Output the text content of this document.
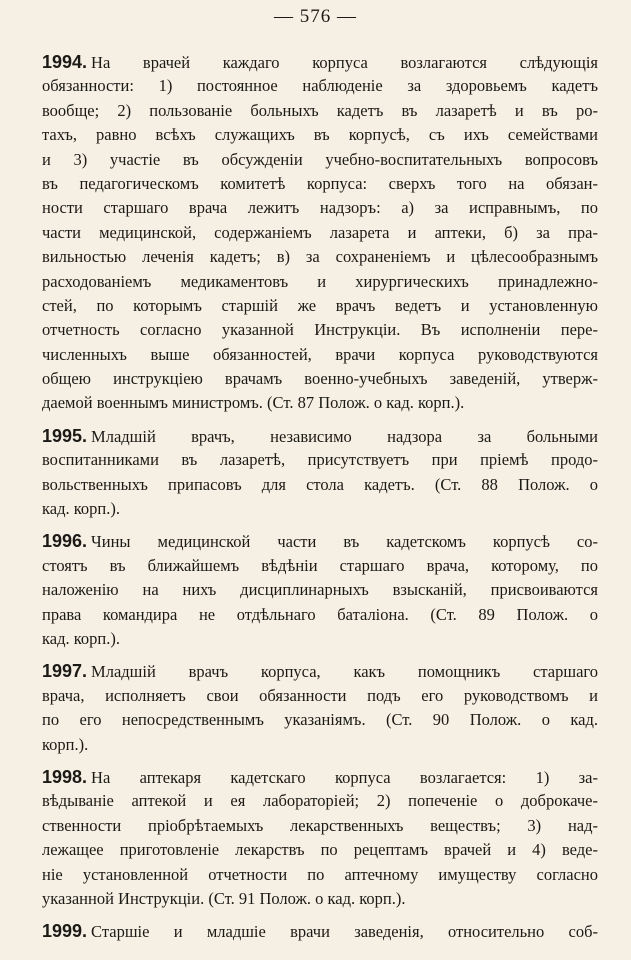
— 576 —
1994. На врачей каждаго корпуса возлагаются слѣдующія
обязанности: 1) постоянное наблюденіе за здоровьемъ кадетъ
вообще; 2) пользованіе больныхъ кадетъ въ лазаретѣ и въ ро-
тахъ, равно всѣхъ служащихъ въ корпусѣ, съ ихъ семействами
и 3) участіе въ обсужденіи учебно-воспитательныхъ вопросовъ
въ педагогическомъ комитетѣ корпуса: сверхъ того на обязан-
ности старшаго врача лежитъ надзоръ: а) за исправнымъ, по
части медицинской, содержаніемъ лазарета и аптеки, б) за пра-
вильностью леченія кадетъ; в) за сохраненіемъ и цѣлесообразнымъ
расходованіемъ медикаментовъ и хирургическихъ принадлежно-
стей, по которымъ старшій же врачъ ведетъ и установленную
отчетность согласно указанной Инструкціи. Въ исполненіи пере-
численныхъ выше обязанностей, врачи корпуса руководствуются
общею инструкціею врачамъ военно-учебныхъ заведеній, утверж-
даемой военнымъ министромъ. (Ст. 87 Полож. о кад. корп.).
1995. Младшій врачъ, независимо надзора за больными
воспитанниками въ лазаретѣ, присутствуетъ при пріемѣ продо-
вольственныхъ припасовъ для стола кадетъ. (Ст. 88 Полож. о
кад. корп.).
1996. Чины медицинской части въ кадетскомъ корпусѣ со-
стоятъ въ ближайшемъ вѣдѣніи старшаго врача, которому, по
наложенію на нихъ дисциплинарныхъ взысканій, присвоиваются
права командира не отдѣльнаго баталіона. (Ст. 89 Полож. о
кад. корп.).
1997. Младшій врачъ корпуса, какъ помощникъ старшаго
врача, исполняетъ свои обязанности подъ его руководствомъ и
по его непосредственнымъ указаніямъ. (Ст. 90 Полож. о кад.
корп.).
1998. На аптекаря кадетскаго корпуса возлагается: 1) за-
вѣдываніе аптекой и ея лабораторіей; 2) попеченіе о доброкаче-
ственности пріобрѣтаемыхъ лекарственныхъ веществъ; 3) над-
лежащее приготовленіе лекарствъ по рецептамъ врачей и 4) веде-
ніе установленной отчетности по аптечному имуществу согласно
указанной Инструкціи. (Ст. 91 Полож. о кад. корп.).
1999. Старшіе и младшіе врачи заведенія, относительно соб-
